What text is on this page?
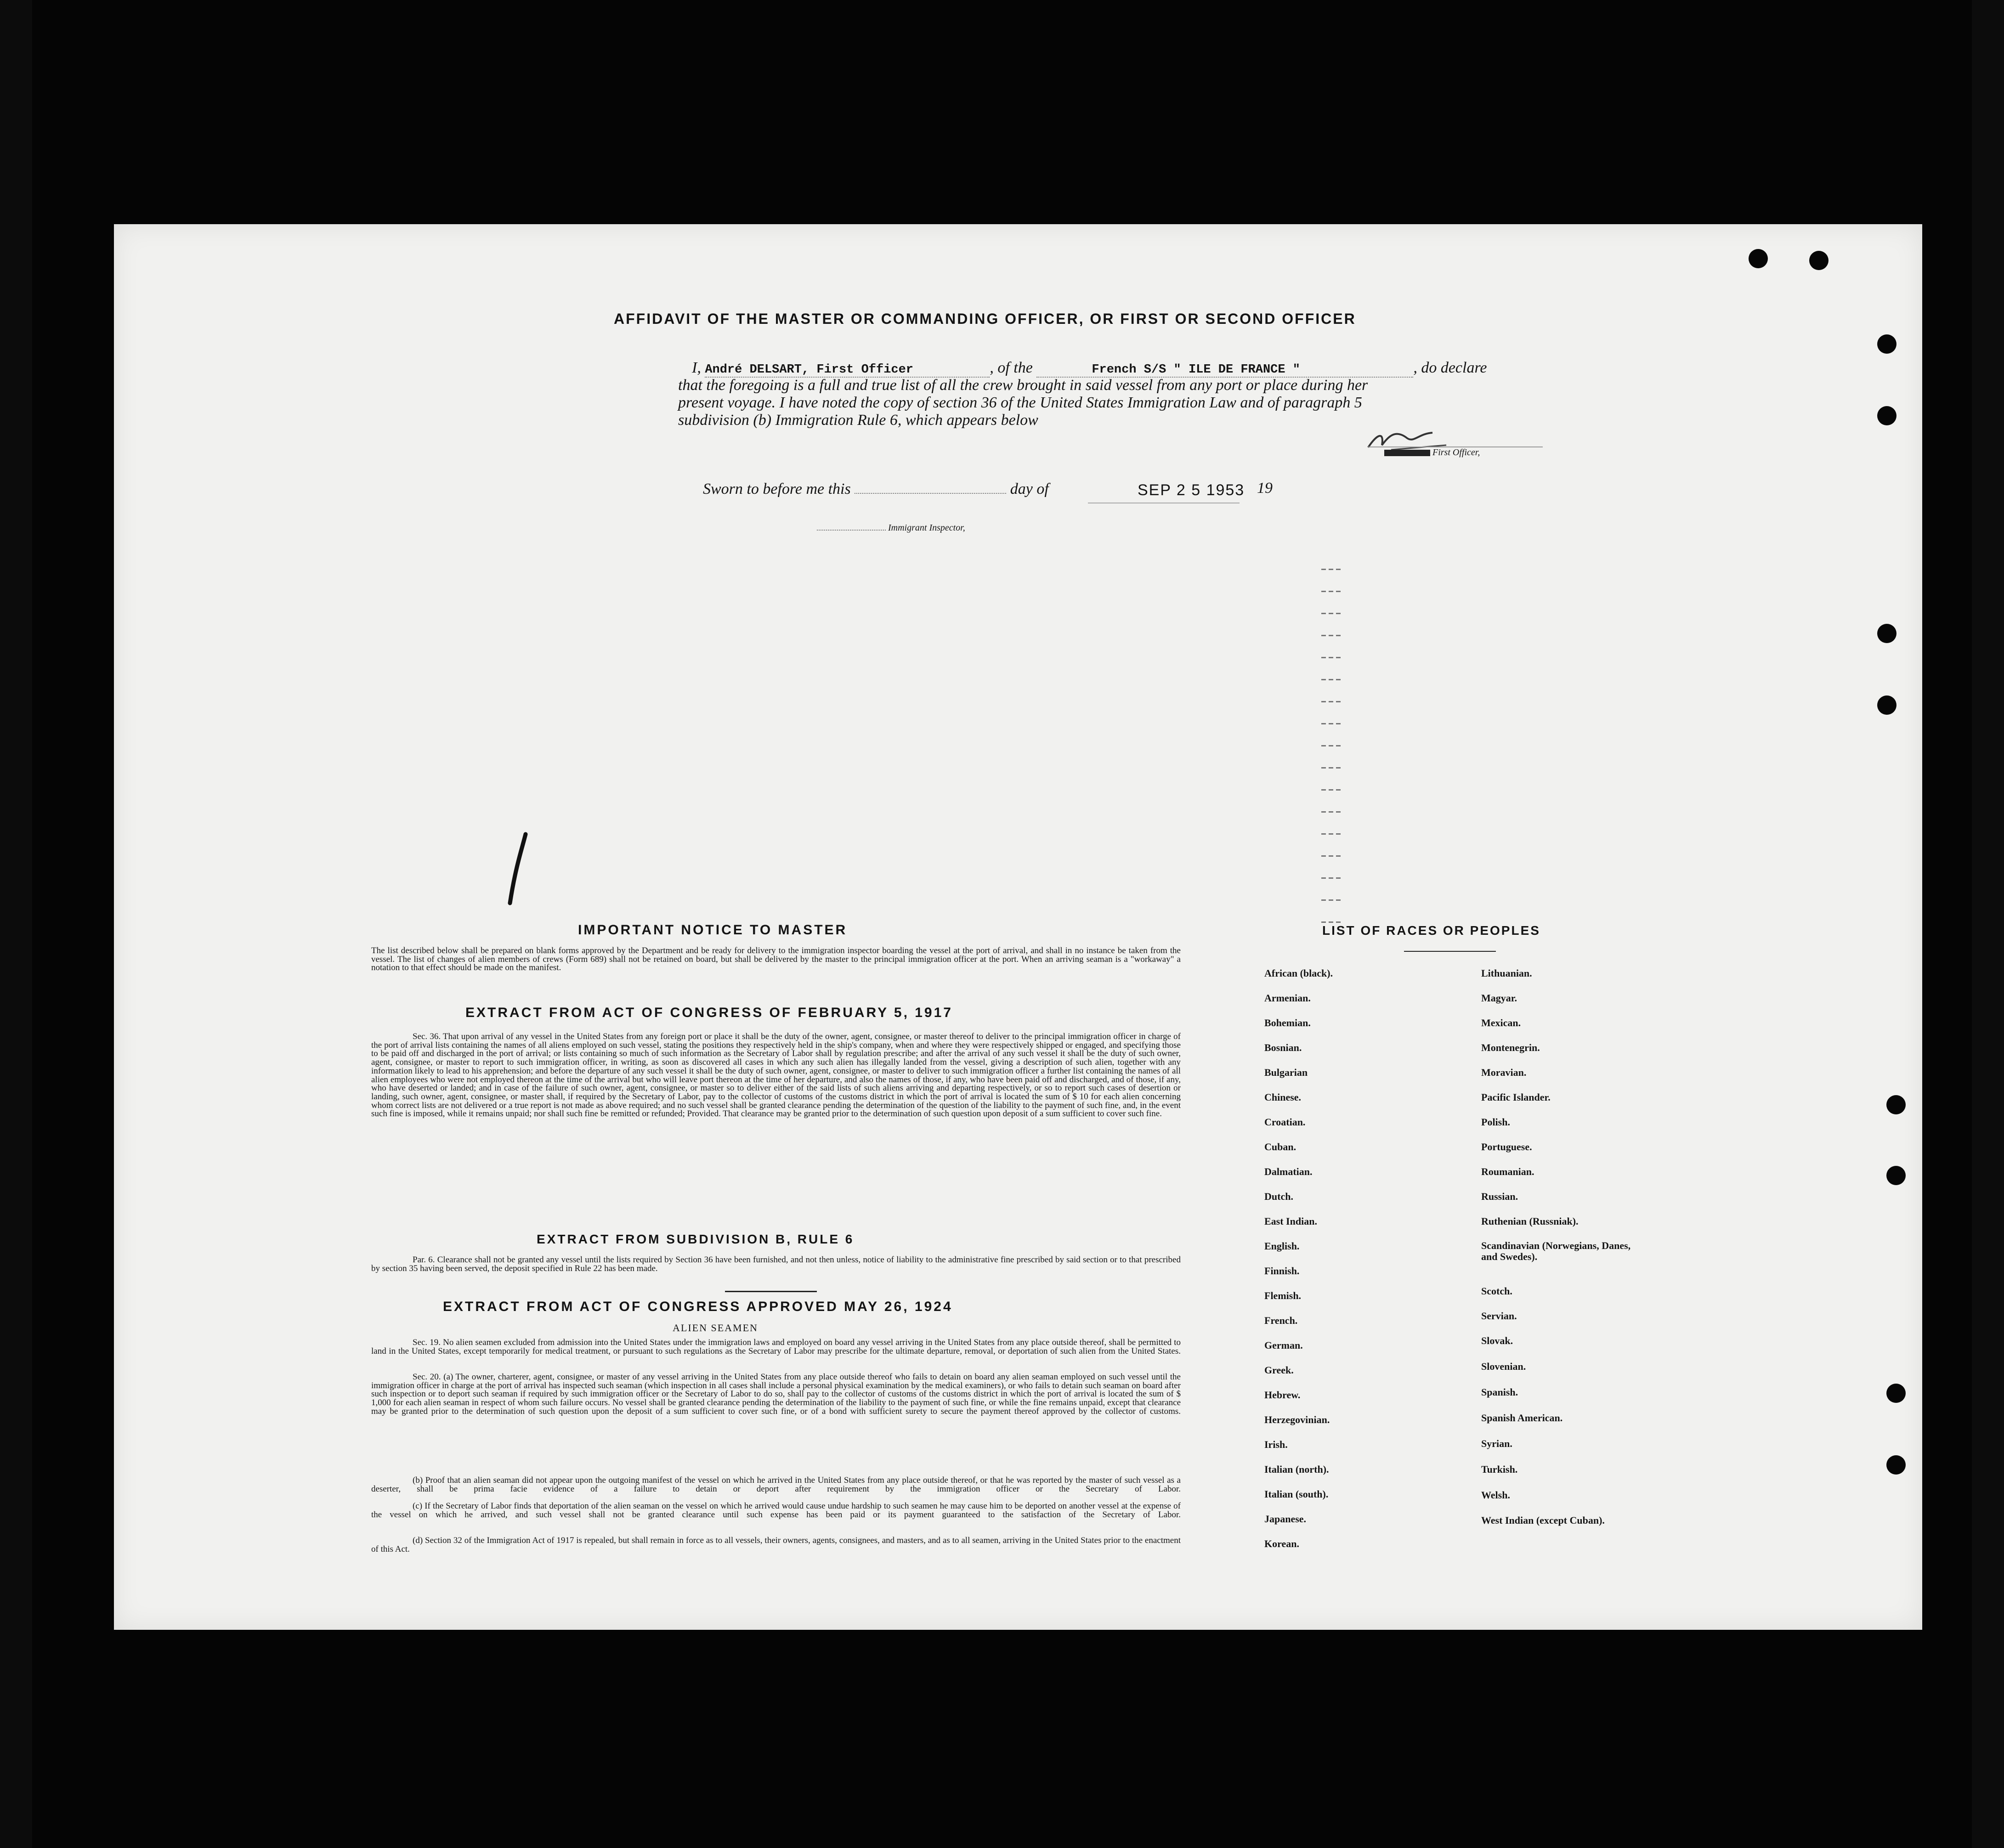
AFFIDAVIT OF THE MASTER OR COMMANDING OFFICER, OR FIRST OR SECOND OFFICER
I, André DELSART, First Officer	, of the	French S/S " ILE DE FRANCE "	, do declare
that the foregoing is a full and true list of all the crew brought in said vessel from any port or place during her
present voyage. I have noted the copy of section 36 of the United States Immigration Law and of paragraph 5
subdivision (b) Immigration Rule 6, which appears below
First Officer,
Sworn to before me this	day of	SEP 2 5 1953 19
Immigrant Inspector,
IMPORTANT NOTICE TO MASTER
The list described below shall be prepared on blank forms approved by the Department and be ready for delivery to the immigration inspector boarding the vessel at the port of arrival, and shall in no instance be taken from the vessel. The list of changes of alien members of crews (Form 689) shall not be retained on board, but shall be delivered by the master to the principal immigration officer at the port. When an arriving seaman is a "workaway" a notation to that effect should be made on the manifest.
EXTRACT FROM ACT OF CONGRESS OF FEBRUARY 5, 1917
Sec. 36. That upon arrival of any vessel in the United States from any foreign port or place it shall be the duty of the owner, agent, consignee, or master thereof to deliver to the principal immigration officer in charge of the port of arrival lists containing the names of all aliens employed on such vessel, stating the positions they respectively held in the ship's company, when and where they were respectively shipped or engaged, and specifying those to be paid off and discharged in the port of arrival; or lists containing so much of such information as the Secretary of Labor shall by regulation prescribe; and after the arrival of any such vessel it shall be the duty of such owner, agent, consignee, or master to report to such immigration officer, in writing, as soon as discovered all cases in which any such alien has illegally landed from the vessel, giving a description of such alien, together with any information likely to lead to his apprehension; and before the departure of any such vessel it shall be the duty of such owner, agent, consignee, or master to deliver to such immigration officer a further list containing the names of all alien employees who were not employed thereon at the time of the arrival but who will leave port thereon at the time of her departure, and also the names of those, if any, who have been paid off and discharged, and of those, if any, who have deserted or landed; and in case of the failure of such owner, agent, consignee, or master so to deliver either of the said lists of such aliens arriving and departing respectively, or so to report such cases of desertion or landing, such owner, agent, consignee, or master shall, if required by the Secretary of Labor, pay to the collector of customs of the customs district in which the port of arrival is located the sum of $ 10 for each alien concerning whom correct lists are not delivered or a true report is not made as above required; and no such vessel shall be granted clearance pending the determination of the question of the liability to the payment of such fine, and, in the event such fine is imposed, while it remains unpaid; nor shall such fine be remitted or refunded; Provided. That clearance may be granted prior to the determination of such question upon deposit of a sum sufficient to cover such fine.
EXTRACT FROM SUBDIVISION B, RULE 6
Par. 6. Clearance shall not be granted any vessel until the lists required by Section 36 have been furnished, and not then unless, notice of liability to the administrative fine prescribed by said section or to that prescribed by section 35 having been served, the deposit specified in Rule 22 has been made.
EXTRACT FROM ACT OF CONGRESS APPROVED MAY 26, 1924
ALIEN SEAMEN
Sec. 19. No alien seamen excluded from admission into the United States under the immigration laws and employed on board any vessel arriving in the United States from any place outside thereof, shall be permitted to land in the United States, except temporarily for medical treatment, or pursuant to such regulations as the Secretary of Labor may prescribe for the ultimate departure, removal, or deportation of such alien from the United States.
Sec. 20. (a) The owner, charterer, agent, consignee, or master of any vessel arriving in the United States from any place outside thereof who fails to detain on board any alien seaman employed on such vessel until the immigration officer in charge at the port of arrival has inspected such seaman (which inspection in all cases shall include a personal physical examination by the medical examiners), or who fails to detain such seaman on board after such inspection or to deport such seaman if required by such immigration officer or the Secretary of Labor to do so, shall pay to the collector of customs of the customs district in which the port of arrival is located the sum of $ 1,000 for each alien seaman in respect of whom such failure occurs. No vessel shall be granted clearance pending the determination of the liability to the payment of such fine, or while the fine remains unpaid, except that clearance may be granted prior to the determination of such question upon the deposit of a sum sufficient to cover such fine, or of a bond with sufficient surety to secure the payment thereof approved by the collector of customs.
(b) Proof that an alien seaman did not appear upon the outgoing manifest of the vessel on which he arrived in the United States from any place outside thereof, or that he was reported by the master of such vessel as a deserter, shall be prima facie evidence of a failure to detain or deport after requirement by the immigration officer or the Secretary of Labor.
(c) If the Secretary of Labor finds that deportation of the alien seaman on the vessel on which he arrived would cause undue hardship to such seamen he may cause him to be deported on another vessel at the expense of the vessel on which he arrived, and such vessel shall not be granted clearance until such expense has been paid or its payment guaranteed to the satisfaction of the Secretary of Labor.
(d) Section 32 of the Immigration Act of 1917 is repealed, but shall remain in force as to all vessels, their owners, agents, consignees, and masters, and as to all seamen, arriving in the United States prior to the enactment of this Act.
LIST OF RACES OR PEOPLES
African (black).
Armenian.
Bohemian.
Bosnian.
Bulgarian
Chinese.
Croatian.
Cuban.
Dalmatian.
Dutch.
East Indian.
English.
Finnish.
Flemish.
French.
German.
Greek.
Hebrew.
Herzegovinian.
Irish.
Italian (north).
Italian (south).
Japanese.
Korean.
Lithuanian.
Magyar.
Mexican.
Montenegrin.
Moravian.
Pacific Islander.
Polish.
Portuguese.
Roumanian.
Russian.
Ruthenian (Russniak).
Scandinavian (Norwegians, Danes, and Swedes).
Scotch.
Servian.
Slovak.
Slovenian.
Spanish.
Spanish American.
Syrian.
Turkish.
Welsh.
West Indian (except Cuban).
